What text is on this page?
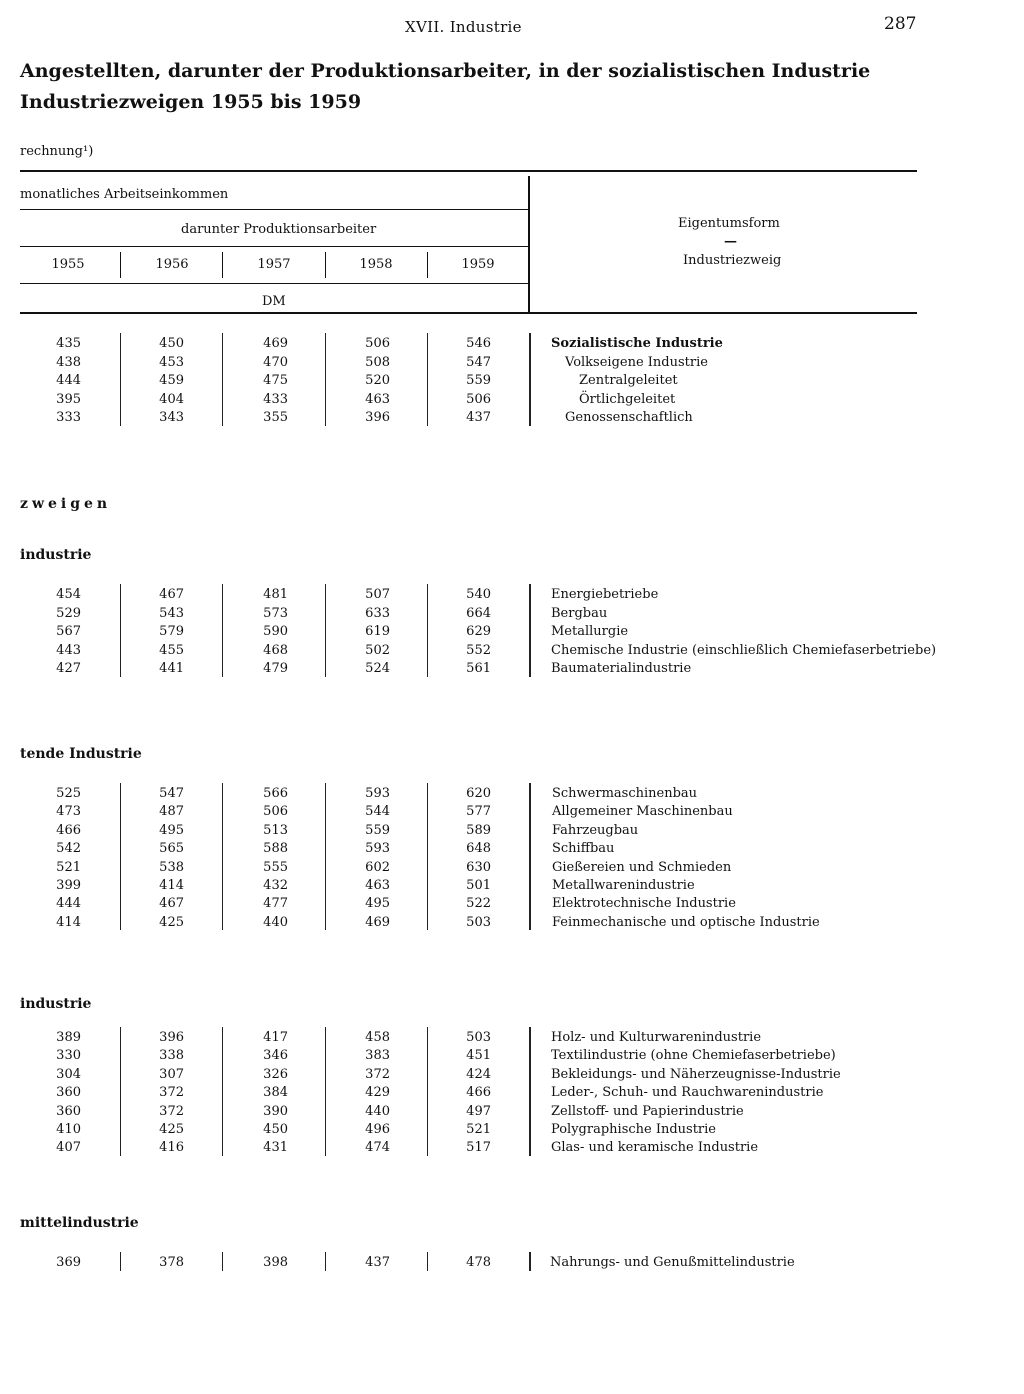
XVII. Industrie	287
Angestellten, darunter der Produktionsarbeiter, in der sozialistischen Industrie
Industriezweigen 1955 bis 1959
rechnung¹)
monatliches Arbeitseinkommen
darunter Produktionsarbeiter
1955	1956	1957	1958	1959
DM
Eigentumsform
—
Industriezweig
zweigen
industrie
tende Industrie
industrie
mittelindustrie
435	450	469	506	546	Sozialistische Industrie
438	453	470	508	547	Volkseigene Industrie
444	459	475	520	559	Zentralgeleitet
395	404	433	463	506	Örtlichgeleitet
333	343	355	396	437	Genossenschaftlich
454	467	481	507	540	Energiebetriebe
529	543	573	633	664	Bergbau
567	579	590	619	629	Metallurgie
443	455	468	502	552	Chemische Industrie (einschließlich Chemiefaserbetriebe)
427	441	479	524	561	Baumaterialindustrie
525	547	566	593	620	Schwermaschinenbau
473	487	506	544	577	Allgemeiner Maschinenbau
466	495	513	559	589	Fahrzeugbau
542	565	588	593	648	Schiffbau
521	538	555	602	630	Gießereien und Schmieden
399	414	432	463	501	Metallwarenindustrie
444	467	477	495	522	Elektrotechnische Industrie
414	425	440	469	503	Feinmechanische und optische Industrie
389	396	417	458	503	Holz- und Kulturwarenindustrie
330	338	346	383	451	Textilindustrie (ohne Chemiefaserbetriebe)
304	307	326	372	424	Bekleidungs- und Näherzeugnisse-Industrie
360	372	384	429	466	Leder-, Schuh- und Rauchwarenindustrie
360	372	390	440	497	Zellstoff- und Papierindustrie
410	425	450	496	521	Polygraphische Industrie
407	416	431	474	517	Glas- und keramische Industrie
369	378	398	437	478	Nahrungs- und Genußmittelindustrie
